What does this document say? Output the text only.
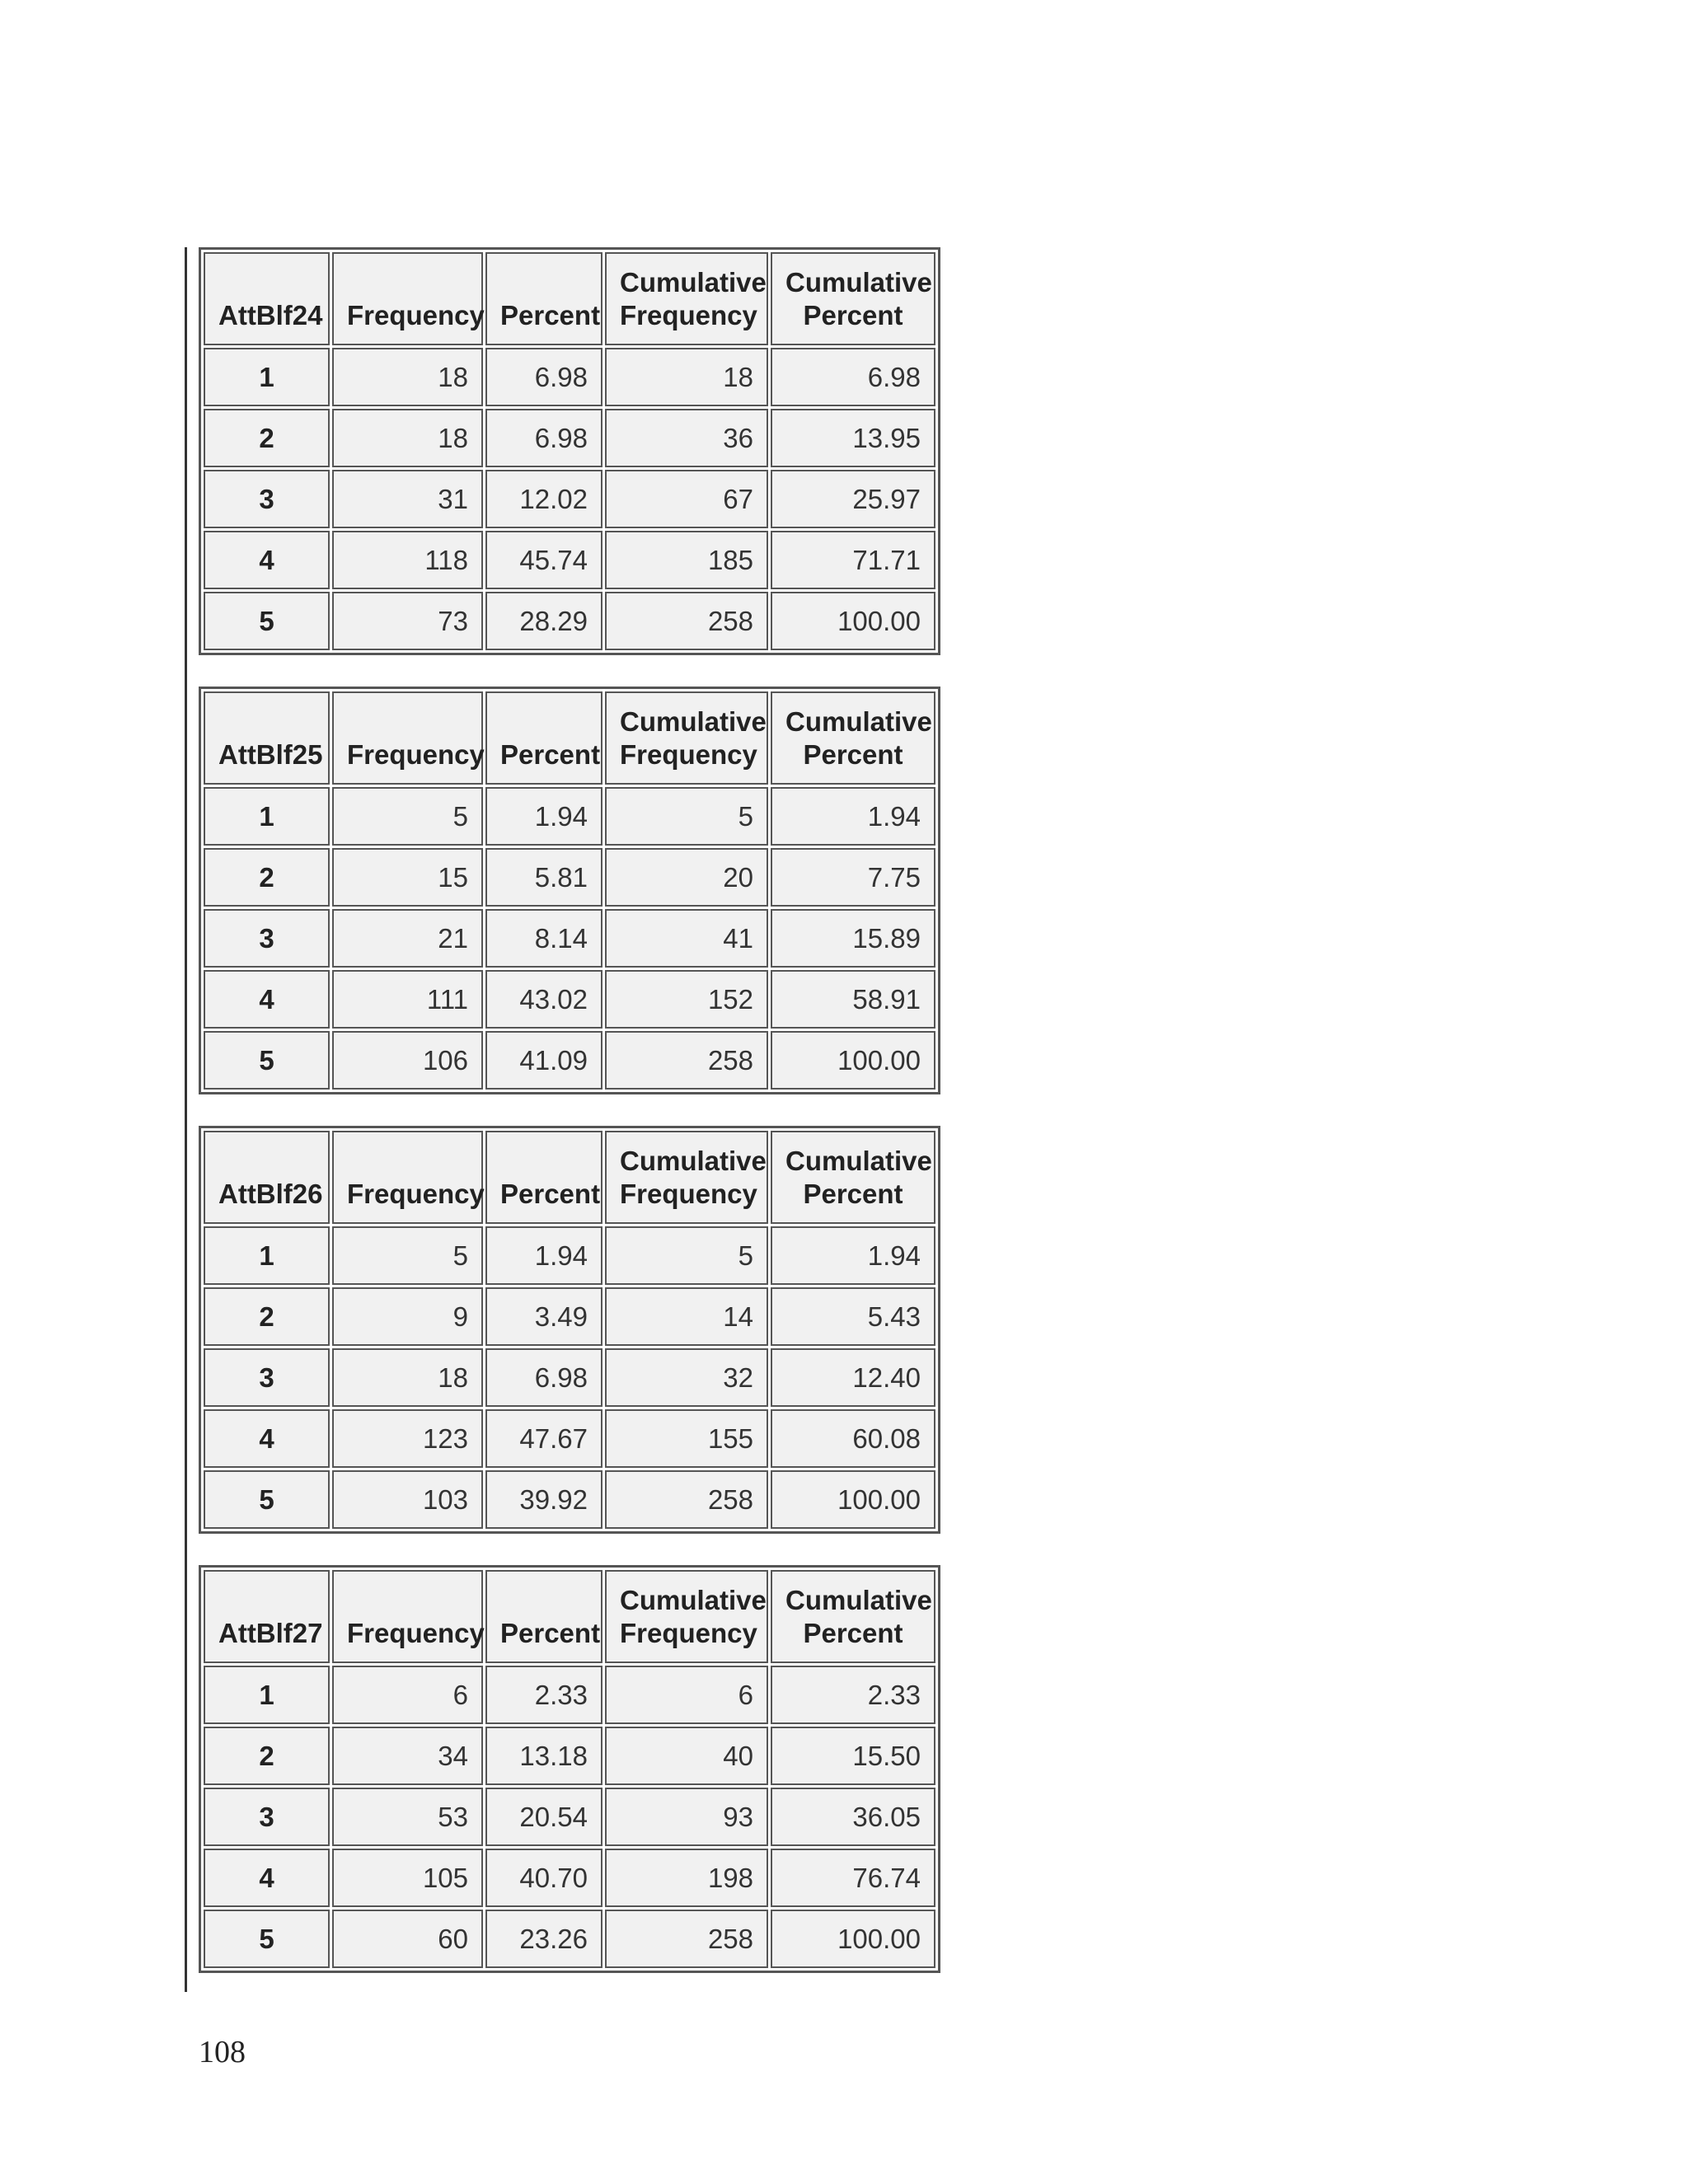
AttBlf24	Frequency	Percent	Cumulative Frequency	Cumulative Percent
1	18	6.98	18	6.98
2	18	6.98	36	13.95
3	31	12.02	67	25.97
4	118	45.74	185	71.71
5	73	28.29	258	100.00
AttBlf25	Frequency	Percent	Cumulative Frequency	Cumulative Percent
1	5	1.94	5	1.94
2	15	5.81	20	7.75
3	21	8.14	41	15.89
4	111	43.02	152	58.91
5	106	41.09	258	100.00
AttBlf26	Frequency	Percent	Cumulative Frequency	Cumulative Percent
1	5	1.94	5	1.94
2	9	3.49	14	5.43
3	18	6.98	32	12.40
4	123	47.67	155	60.08
5	103	39.92	258	100.00
AttBlf27	Frequency	Percent	Cumulative Frequency	Cumulative Percent
1	6	2.33	6	2.33
2	34	13.18	40	15.50
3	53	20.54	93	36.05
4	105	40.70	198	76.74
5	60	23.26	258	100.00
108
